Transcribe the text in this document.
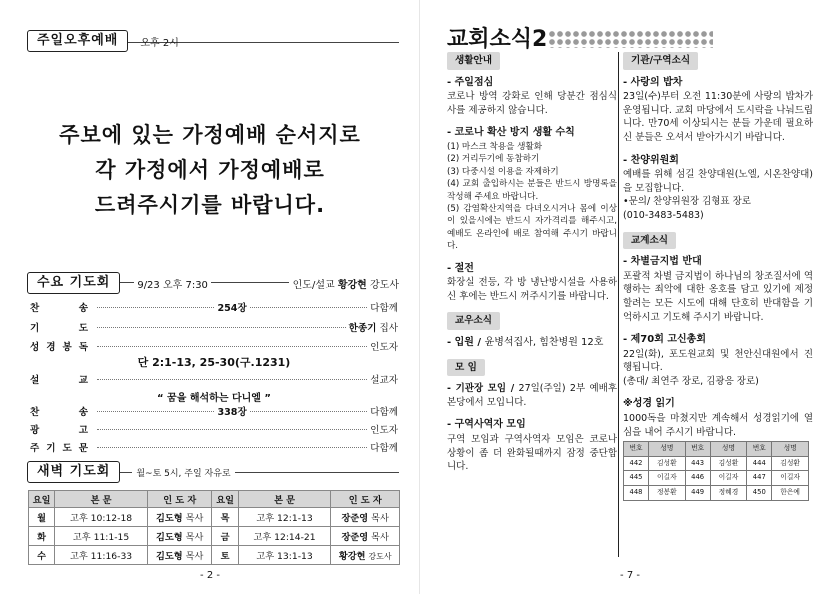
주일오후예배	오후 2시
주보에 있는 가정예배 순서지로
각 가정에서 가정예배로
드려주시기를 바랍니다.
수요 기도회	9/23 오후 7:30	인도/설교 황강현 강도사
찬	송	254장	다함께
기	도	한종기 집사
성 경 봉 독	인도자
단 2:1-13, 25-30(구.1231)
설	교	설교자
“ 꿈을 해석하는 다니엘 ”
찬	송	338장	다함께
광	고	인도자
주 기 도 문	다함께
새벽 기도회	월~토 5시, 주일 자유로
요일	본 문	인 도 자	요일	본 문	인 도 자
월	고후 10:12-18	김도형 목사	목	고후 12:1-13	장준영 목사
화	고후 11:1-15	김도형 목사	금	고후 12:14-21	장준영 목사
수	고후 11:16-33	김도형 목사	토	고후 13:1-13	황강현 강도사
- 2 -
교회소식2
생활안내
- 주일점심
코로나 방역 강화로 인해 당분간 점심식사를 제공하지 않습니다.
- 코로나 확산 방지 생활 수칙
(1) 마스크 착용을 생활화
(2) 거리두기에 동참하기
(3) 다중시설 이용을 자제하기
(4) 교회 출입하시는 분들은 반드시 방명록을 작성해 주세요 바랍니다.
(5) 감염확산지역을 다녀오시거나 몸에 이상이 있을시에는 반드시 자가격리를 해주시고, 예배도 온라인에 배로 참여해 주시기 바랍니다.
- 절전
화장실 전등, 각 방 냉난방시설을 사용하신 후에는 반드시 꺼주시기를 바랍니다.
교우소식
- 입원 /
윤병석집사, 힘찬병원 12호
모 임
- 기관장 모임 / 27일(주일) 2부 예배후 본당에서 모입니다.
- 구역사역자 모임
구역 모임과 구역사역자 모임은 코로나 상황이 좀 더 완화될때까지 잠정 중단합니다.
기관/구역소식
- 사랑의 밥차
23일(수)부터 오전 11:30분에 사랑의 밥차가 운영됩니다. 교회 마당에서 도시락을 나눠드립니다. 만70세 이상되시는 분들 가운데 필요하신 분들은 오셔서 받아가시기 바랍니다.
- 찬양위원회
예배를 위해 섬길 찬양대원(노엘, 시온찬양대)을 모집합니다.
•문의/ 찬양위원장 김형표 장로
(010-3483-5483)
교계소식
- 차별금지법 반대
포괄적 차별 금지법이 하나님의 창조질서에 역행하는 죄악에 대한 옹호를 담고 있기에 제정할려는 모든 시도에 대해 단호히 반대함을 기억하시고 기도해 주시기 바랍니다.
- 제70회 고신총회
22일(화), 포도원교회 및 천안신대원에서 진행됩니다.
(총대/ 최연주 장로, 김광응 장로)
※성경 읽기
1000독을 마쳤지만 계속해서 성경읽기에 열심을 내어 주시기 바랍니다.
번호	성명	번호	성명	번호	성명
442	김성환	443	김성환	444	김성환
445	이길자	446	이길자	447	이길자
448	정봉환	449	정혜경	450	한은예
- 7 -
